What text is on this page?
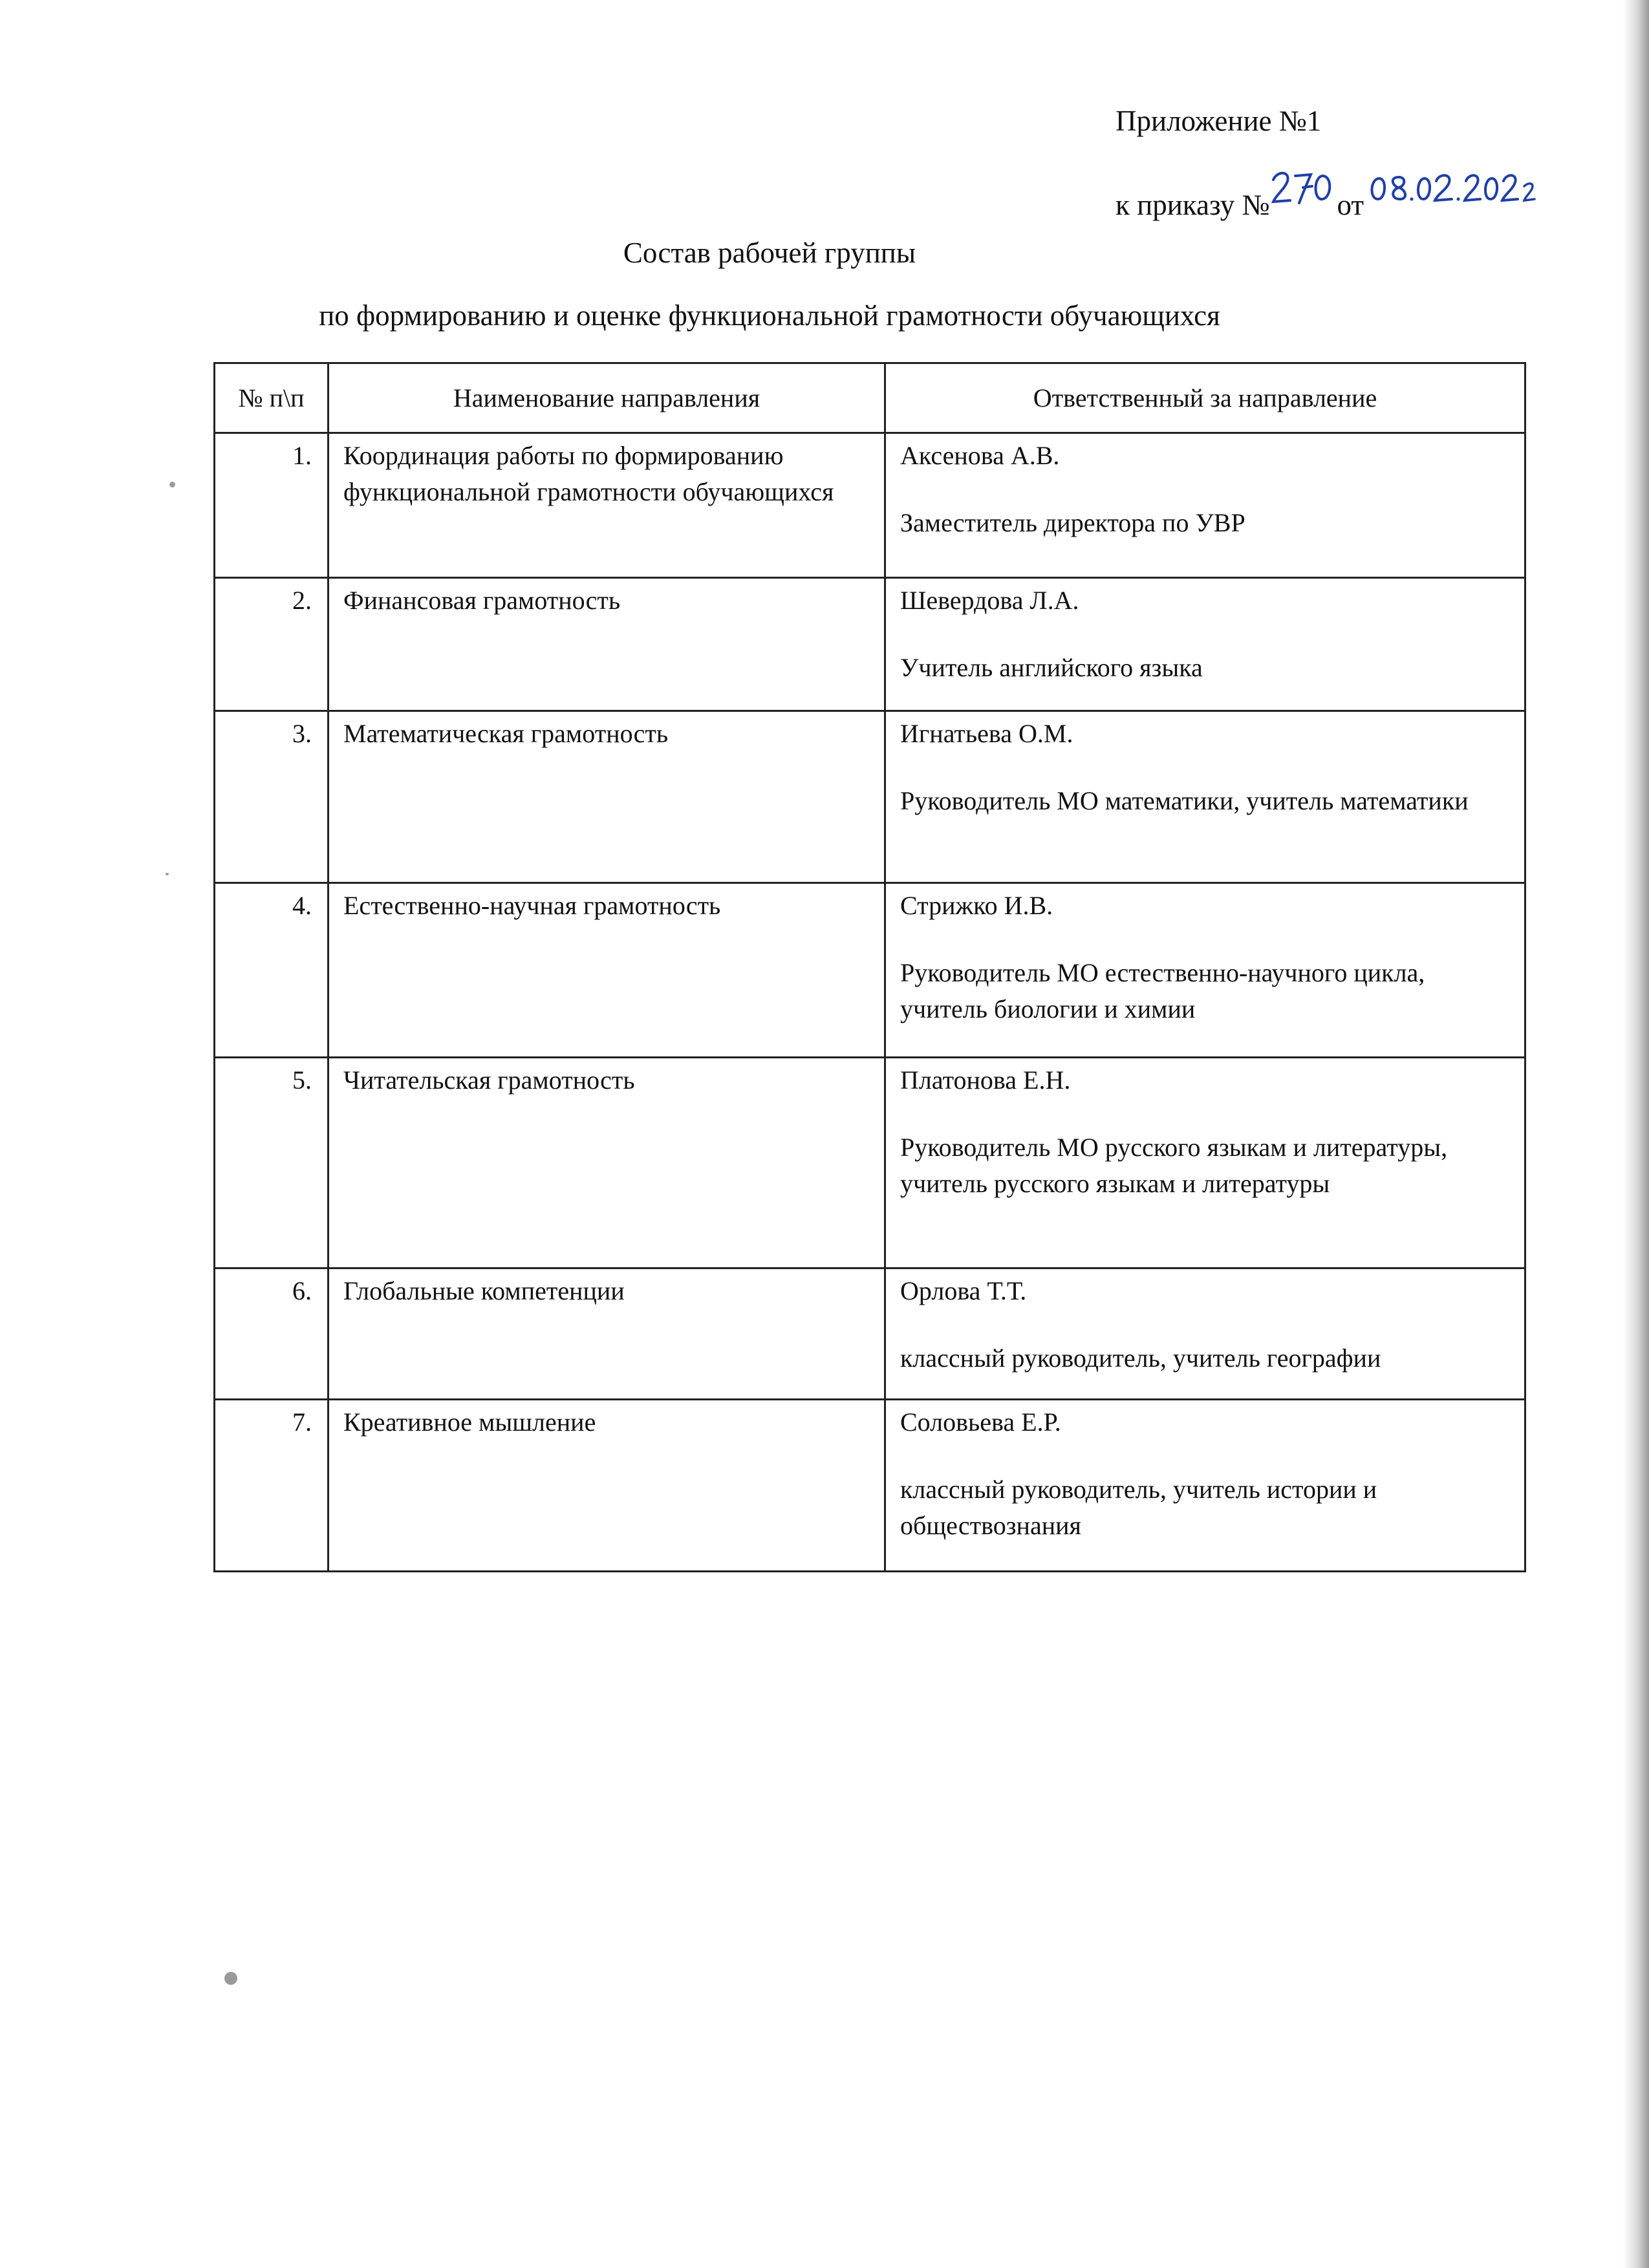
Приложение №1
к приказу № от
Состав рабочей группы
по формированию и оценке функциональной грамотности обучающихся
№ п\п	Наименование направления	Ответственный за направление
1.	Координация работы по формированию функциональной грамотности обучающихся	Аксенова А.В.
Заместитель директора по УВР

2.	Финансовая грамотность	Шевердова Л.А.
Учитель английского языка

3.	Математическая грамотность	Игнатьева О.М.
Руководитель МО математики, учитель математики

4.	Естественно-научная грамотность	Стрижко И.В.
Руководитель МО естественно-научного цикла, учитель биологии и химии

5.	Читательская грамотность	Платонова Е.Н.
Руководитель МО русского языкам и литературы, учитель русского языкам и литературы

6.	Глобальные компетенции	Орлова Т.Т.
классный руководитель, учитель географии

7.	Креативное мышление	Соловьева Е.Р.
классный руководитель, учитель истории и обществознания
